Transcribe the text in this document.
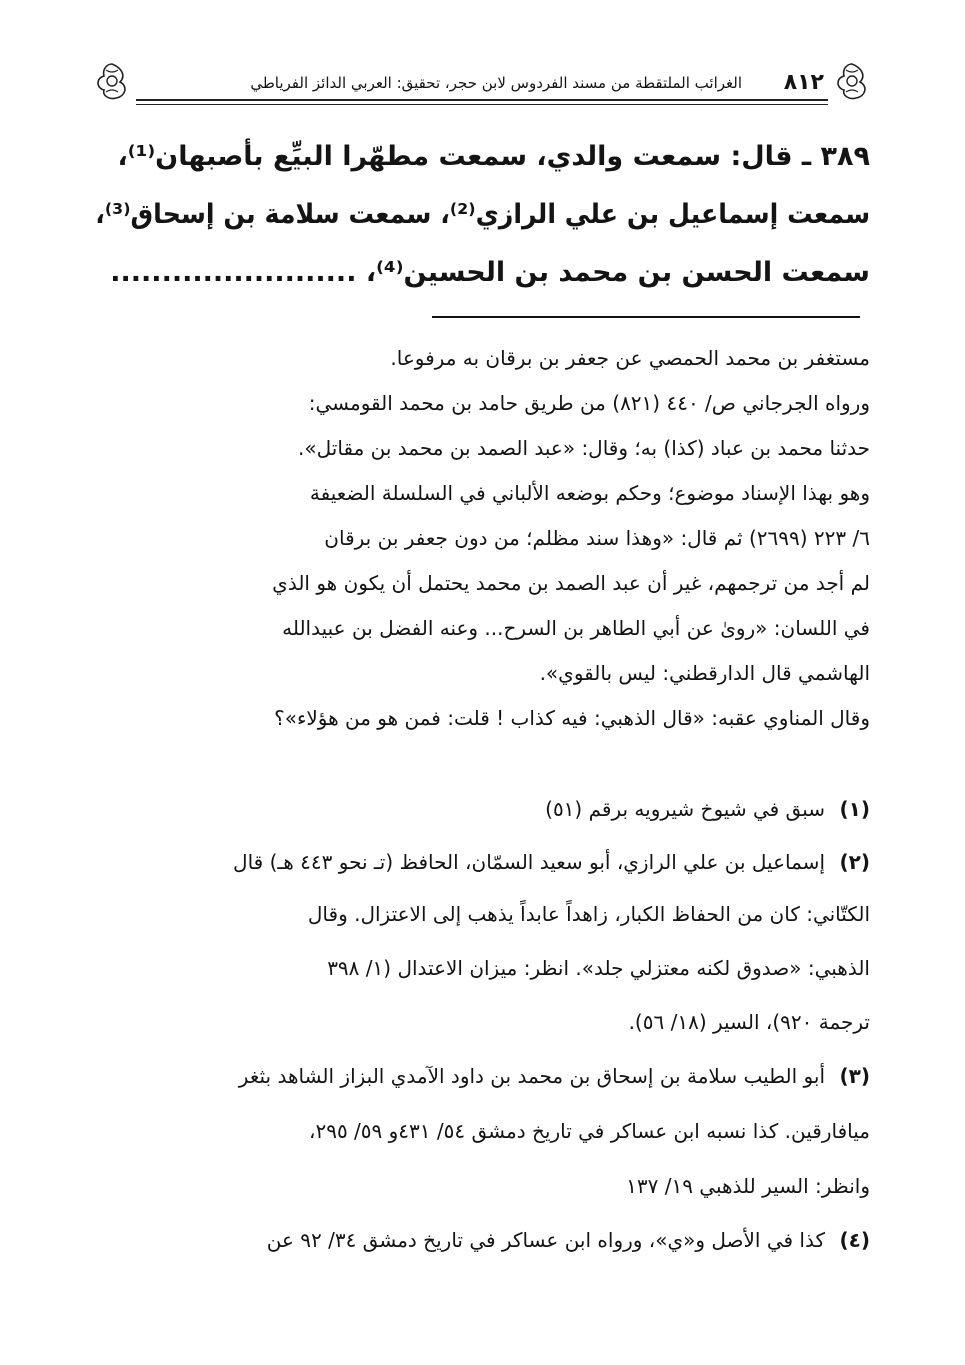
٨١٢
الغرائب الملتقطة من مسند الفردوس لابن حجر، تحقيق: العربي الدائز الفرياطي
٣٨٩ ـ قال: سمعت والدي، سمعت مطهّرا البيِّع بأصبهان⁽¹⁾،
سمعت إسماعيل بن علي الرازي⁽²⁾، سمعت سلامة بن إسحاق⁽³⁾،
سمعت الحسن بن محمد بن الحسين⁽⁴⁾، ........................
مستغفر بن محمد الحمصي عن جعفر بن برقان به مرفوعا.
ورواه الجرجاني ص/ ٤٤٠ (٨٢١) من طريق حامد بن محمد القومسي:
حدثنا محمد بن عباد (كذا) به؛ وقال: «عبد الصمد بن محمد بن مقاتل».
وهو بهذا الإسناد موضوع؛ وحكم بوضعه الألباني في السلسلة الضعيفة
٦/ ٢٢٣ (٢٦٩٩) ثم قال: «وهذا سند مظلم؛ من دون جعفر بن برقان
لم أجد من ترجمهم، غير أن عبد الصمد بن محمد يحتمل أن يكون هو الذي
في اللسان: «روىٰ عن أبي الطاهر بن السرح... وعنه الفضل بن عبيدالله
الهاشمي قال الدارقطني: ليس بالقوي».
وقال المناوي عقبه: «قال الذهبي: فيه كذاب ! قلت: فمن هو من هؤلاء»؟
(١)
سبق في شيوخ شيرويه برقم (٥١)
(٢)
إسماعيل بن علي الرازي، أبو سعيد السمّان، الحافظ (تـ نحو ٤٤٣ هـ) قال
الكتّاني: كان من الحفاظ الكبار، زاهداً عابداً يذهب إلى الاعتزال. وقال
الذهبي: «صدوق لكنه معتزلي جلد». انظر: ميزان الاعتدال (١/ ٣٩٨
ترجمة ٩٢٠)، السير (١٨/ ٥٦).
(٣)
أبو الطيب سلامة بن إسحاق بن محمد بن داود الآمدي البزاز الشاهد بثغر
ميافارقين. كذا نسبه ابن عساكر في تاريخ دمشق ٥٤/ ٤٣١و ٥٩/ ٢٩٥،
وانظر: السير للذهبي ١٩/ ١٣٧
(٤)
كذا في الأصل و«ي»، ورواه ابن عساكر في تاريخ دمشق ٣٤/ ٩٢ عن
